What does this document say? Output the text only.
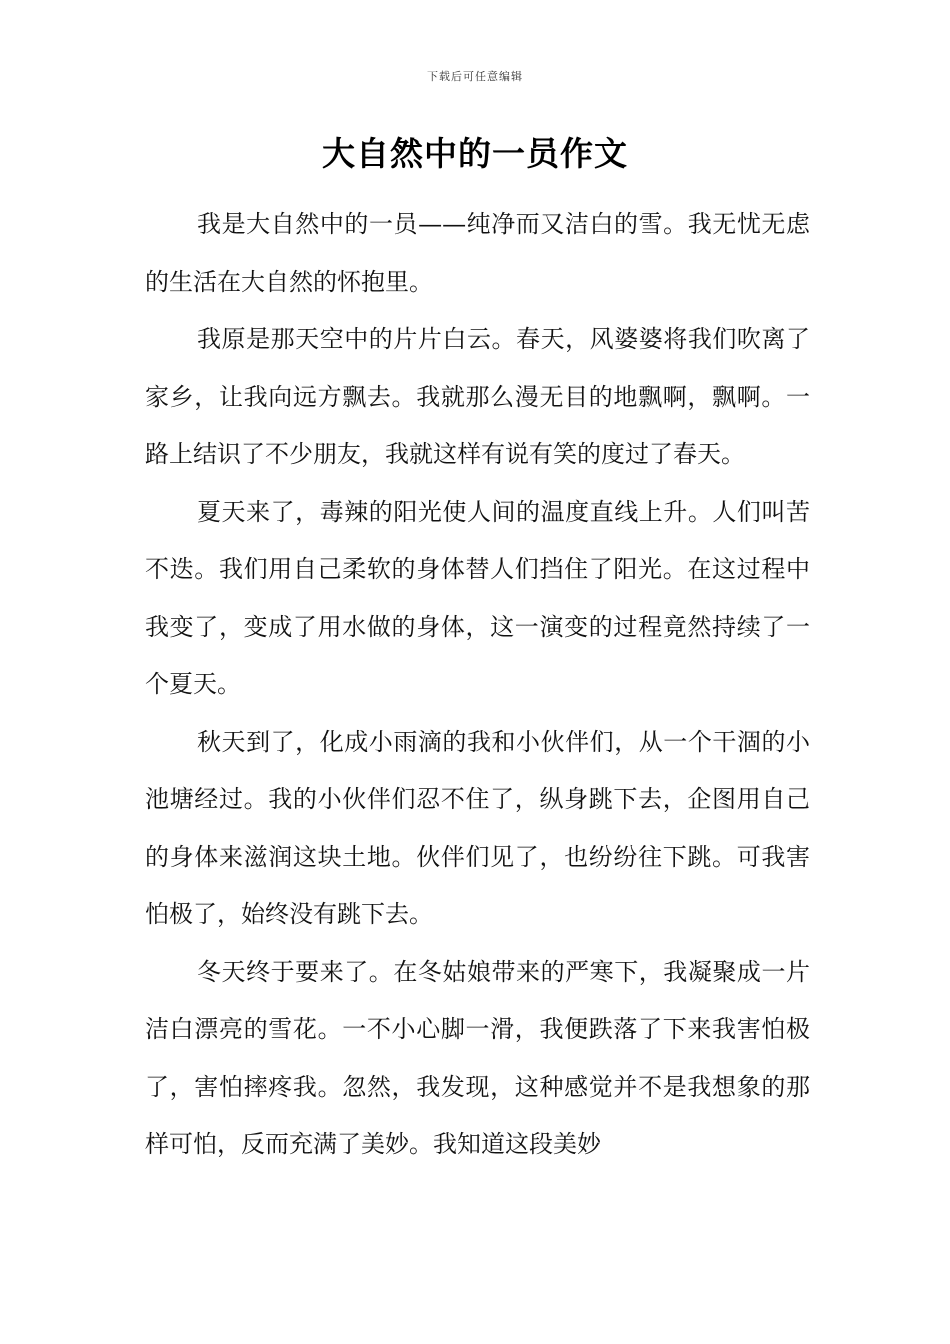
下载后可任意编辑
大自然中的一员作文

我是大自然中的一员——纯净而又洁白的雪。我无忧无虑的生活在大自然的怀抱里。

我原是那天空中的片片白云。春天，风婆婆将我们吹离了家乡，让我向远方飘去。我就那么漫无目的地飘啊，飘啊。一路上结识了不少朋友，我就这样有说有笑的度过了春天。

夏天来了，毒辣的阳光使人间的温度直线上升。人们叫苦不迭。我们用自己柔软的身体替人们挡住了阳光。在这过程中我变了，变成了用水做的身体，这一演变的过程竟然持续了一个夏天。

秋天到了，化成小雨滴的我和小伙伴们，从一个干涸的小池塘经过。我的小伙伴们忍不住了，纵身跳下去，企图用自己的身体来滋润这块土地。伙伴们见了，也纷纷往下跳。可我害怕极了，始终没有跳下去。

冬天终于要来了。在冬姑娘带来的严寒下，我凝聚成一片洁白漂亮的雪花。一不小心脚一滑，我便跌落了下来我害怕极了，害怕摔疼我。忽然，我发现，这种感觉并不是我想象的那样可怕，反而充满了美妙。我知道这段美妙
